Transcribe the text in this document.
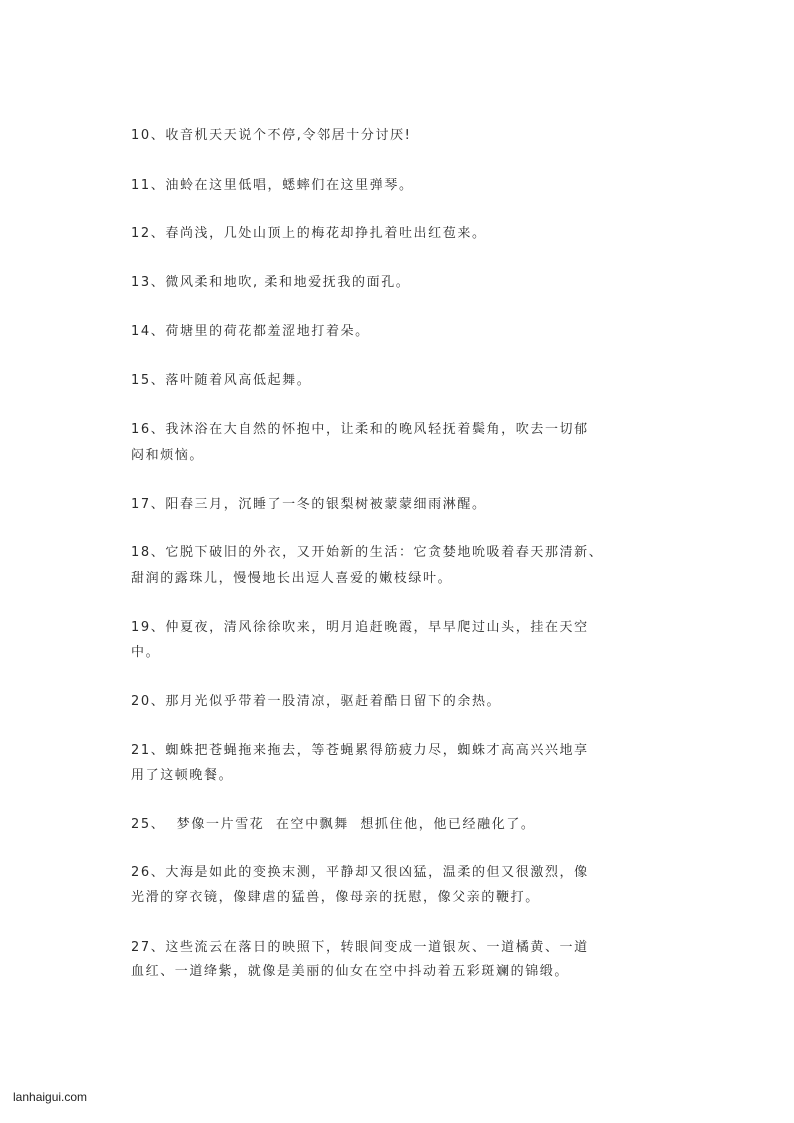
10、收音机天天说个不停,令邻居十分讨厌!
11、油蛉在这里低唱，蟋蟀们在这里弹琴。
12、春尚浅，几处山顶上的梅花却挣扎着吐出红苞来。
13、微风柔和地吹, 柔和地爱抚我的面孔。
14、荷塘里的荷花都羞涩地打着朵。
15、落叶随着风高低起舞。
16、我沐浴在大自然的怀抱中，让柔和的晚风轻抚着鬓角，吹去一切郁
闷和烦恼。
17、阳春三月，沉睡了一冬的银梨树被蒙蒙细雨淋醒。
18、它脱下破旧的外衣，又开始新的生活：它贪婪地吮吸着春天那清新、
甜润的露珠儿，慢慢地长出逗人喜爱的嫩枝绿叶。
19、仲夏夜，清风徐徐吹来，明月追赶晚霞，早早爬过山头，挂在天空
中。
20、那月光似乎带着一股清凉，驱赶着酷日留下的余热。
21、蜘蛛把苍蝇拖来拖去，等苍蝇累得筋疲力尽，蜘蛛才高高兴兴地享
用了这顿晚餐。
25、  梦像一片雪花  在空中飘舞  想抓住他，他已经融化了。
26、大海是如此的变换末测，平静却又很凶猛，温柔的但又很激烈，像
光滑的穿衣镜，像肆虐的猛兽，像母亲的抚慰，像父亲的鞭打。
27、这些流云在落日的映照下，转眼间变成一道银灰、一道橘黄、一道
血红、一道绛紫，就像是美丽的仙女在空中抖动着五彩斑斓的锦缎。
lanhaigui.com
